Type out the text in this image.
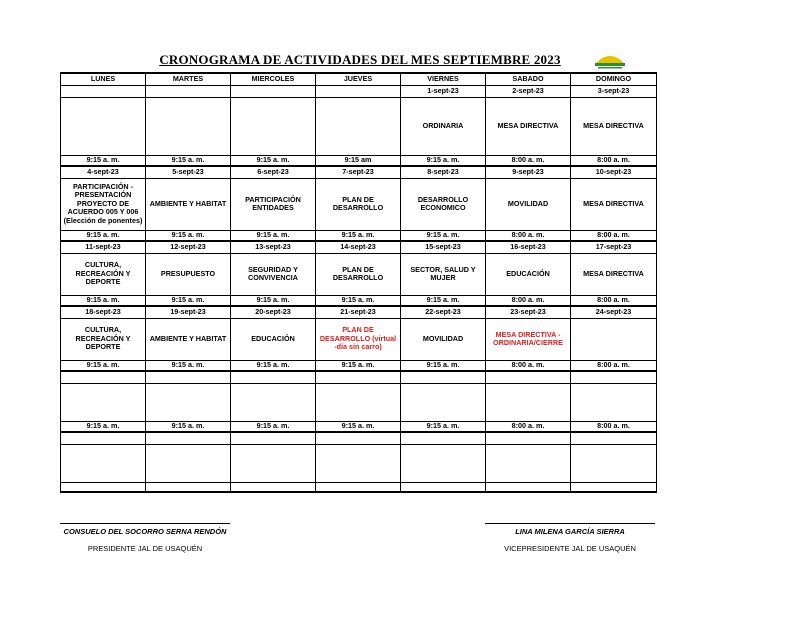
CRONOGRAMA DE ACTIVIDADES DEL MES SEPTIEMBRE 2023
LUNES	MARTES	MIERCOLES	JUEVES	VIERNES	SABADO	DOMINGO
				1-sept-23	2-sept-23	3-sept-23
				ORDINARIA	MESA DIRECTIVA	MESA DIRECTIVA
9:15 a. m.	9:15 a. m.	9:15 a. m.	9:15 am	9:15 a. m.	8:00 a. m.	8:00 a. m.
4-sept-23	5-sept-23	6-sept-23	7-sept-23	8-sept-23	9-sept-23	10-sept-23
PARTICIPACIÓN - PRESENTACIÓN PROYECTO DE ACUERDO 005 Y 006 (Elección de ponentes)	AMBIENTE Y HABITAT	PARTICIPACIÓN ENTIDADES	PLAN DE DESARROLLO	DESARROLLO ECONOMICO	MOVILIDAD	MESA DIRECTIVA
9:15 a. m.	9:15 a. m.	9:15 a. m.	9:15 a. m.	9:15 a. m.	8:00 a. m.	8:00 a. m.
11-sept-23	12-sept-23	13-sept-23	14-sept-23	15-sept-23	16-sept-23	17-sept-23
CULTURA, RECREACIÓN Y DEPORTE	PRESUPUESTO	SEGURIDAD Y CONVIVENCIA	PLAN DE DESARROLLO	SECTOR, SALUD Y MUJER	EDUCACIÓN	MESA DIRECTIVA
9:15 a. m.	9:15 a. m.	9:15 a. m.	9:15 a. m.	9:15 a. m.	8:00 a. m.	8:00 a. m.
18-sept-23	19-sept-23	20-sept-23	21-sept-23	22-sept-23	23-sept-23	24-sept-23
CULTURA, RECREACIÓN Y DEPORTE	AMBIENTE Y HABITAT	EDUCACIÓN	PLAN DE DESARROLLO (virtual -día sin carro)	MOVILIDAD	MESA DIRECTIVA - ORDINARIA/CIERRE	
9:15 a. m.	9:15 a. m.	9:15 a. m.	9:15 a. m.	9:15 a. m.	8:00 a. m.	8:00 a. m.

9:15 a. m.	9:15 a. m.	9:15 a. m.	9:15 a. m.	9:15 a. m.	8:00 a. m.	8:00 a. m.

CONSUELO DEL SOCORRO SERNA RENDÓN
PRESIDENTE JAL DE USAQUÉN
LINA MILENA GARCÍA SIERRA
VICEPRESIDENTE JAL DE USAQUÉN
